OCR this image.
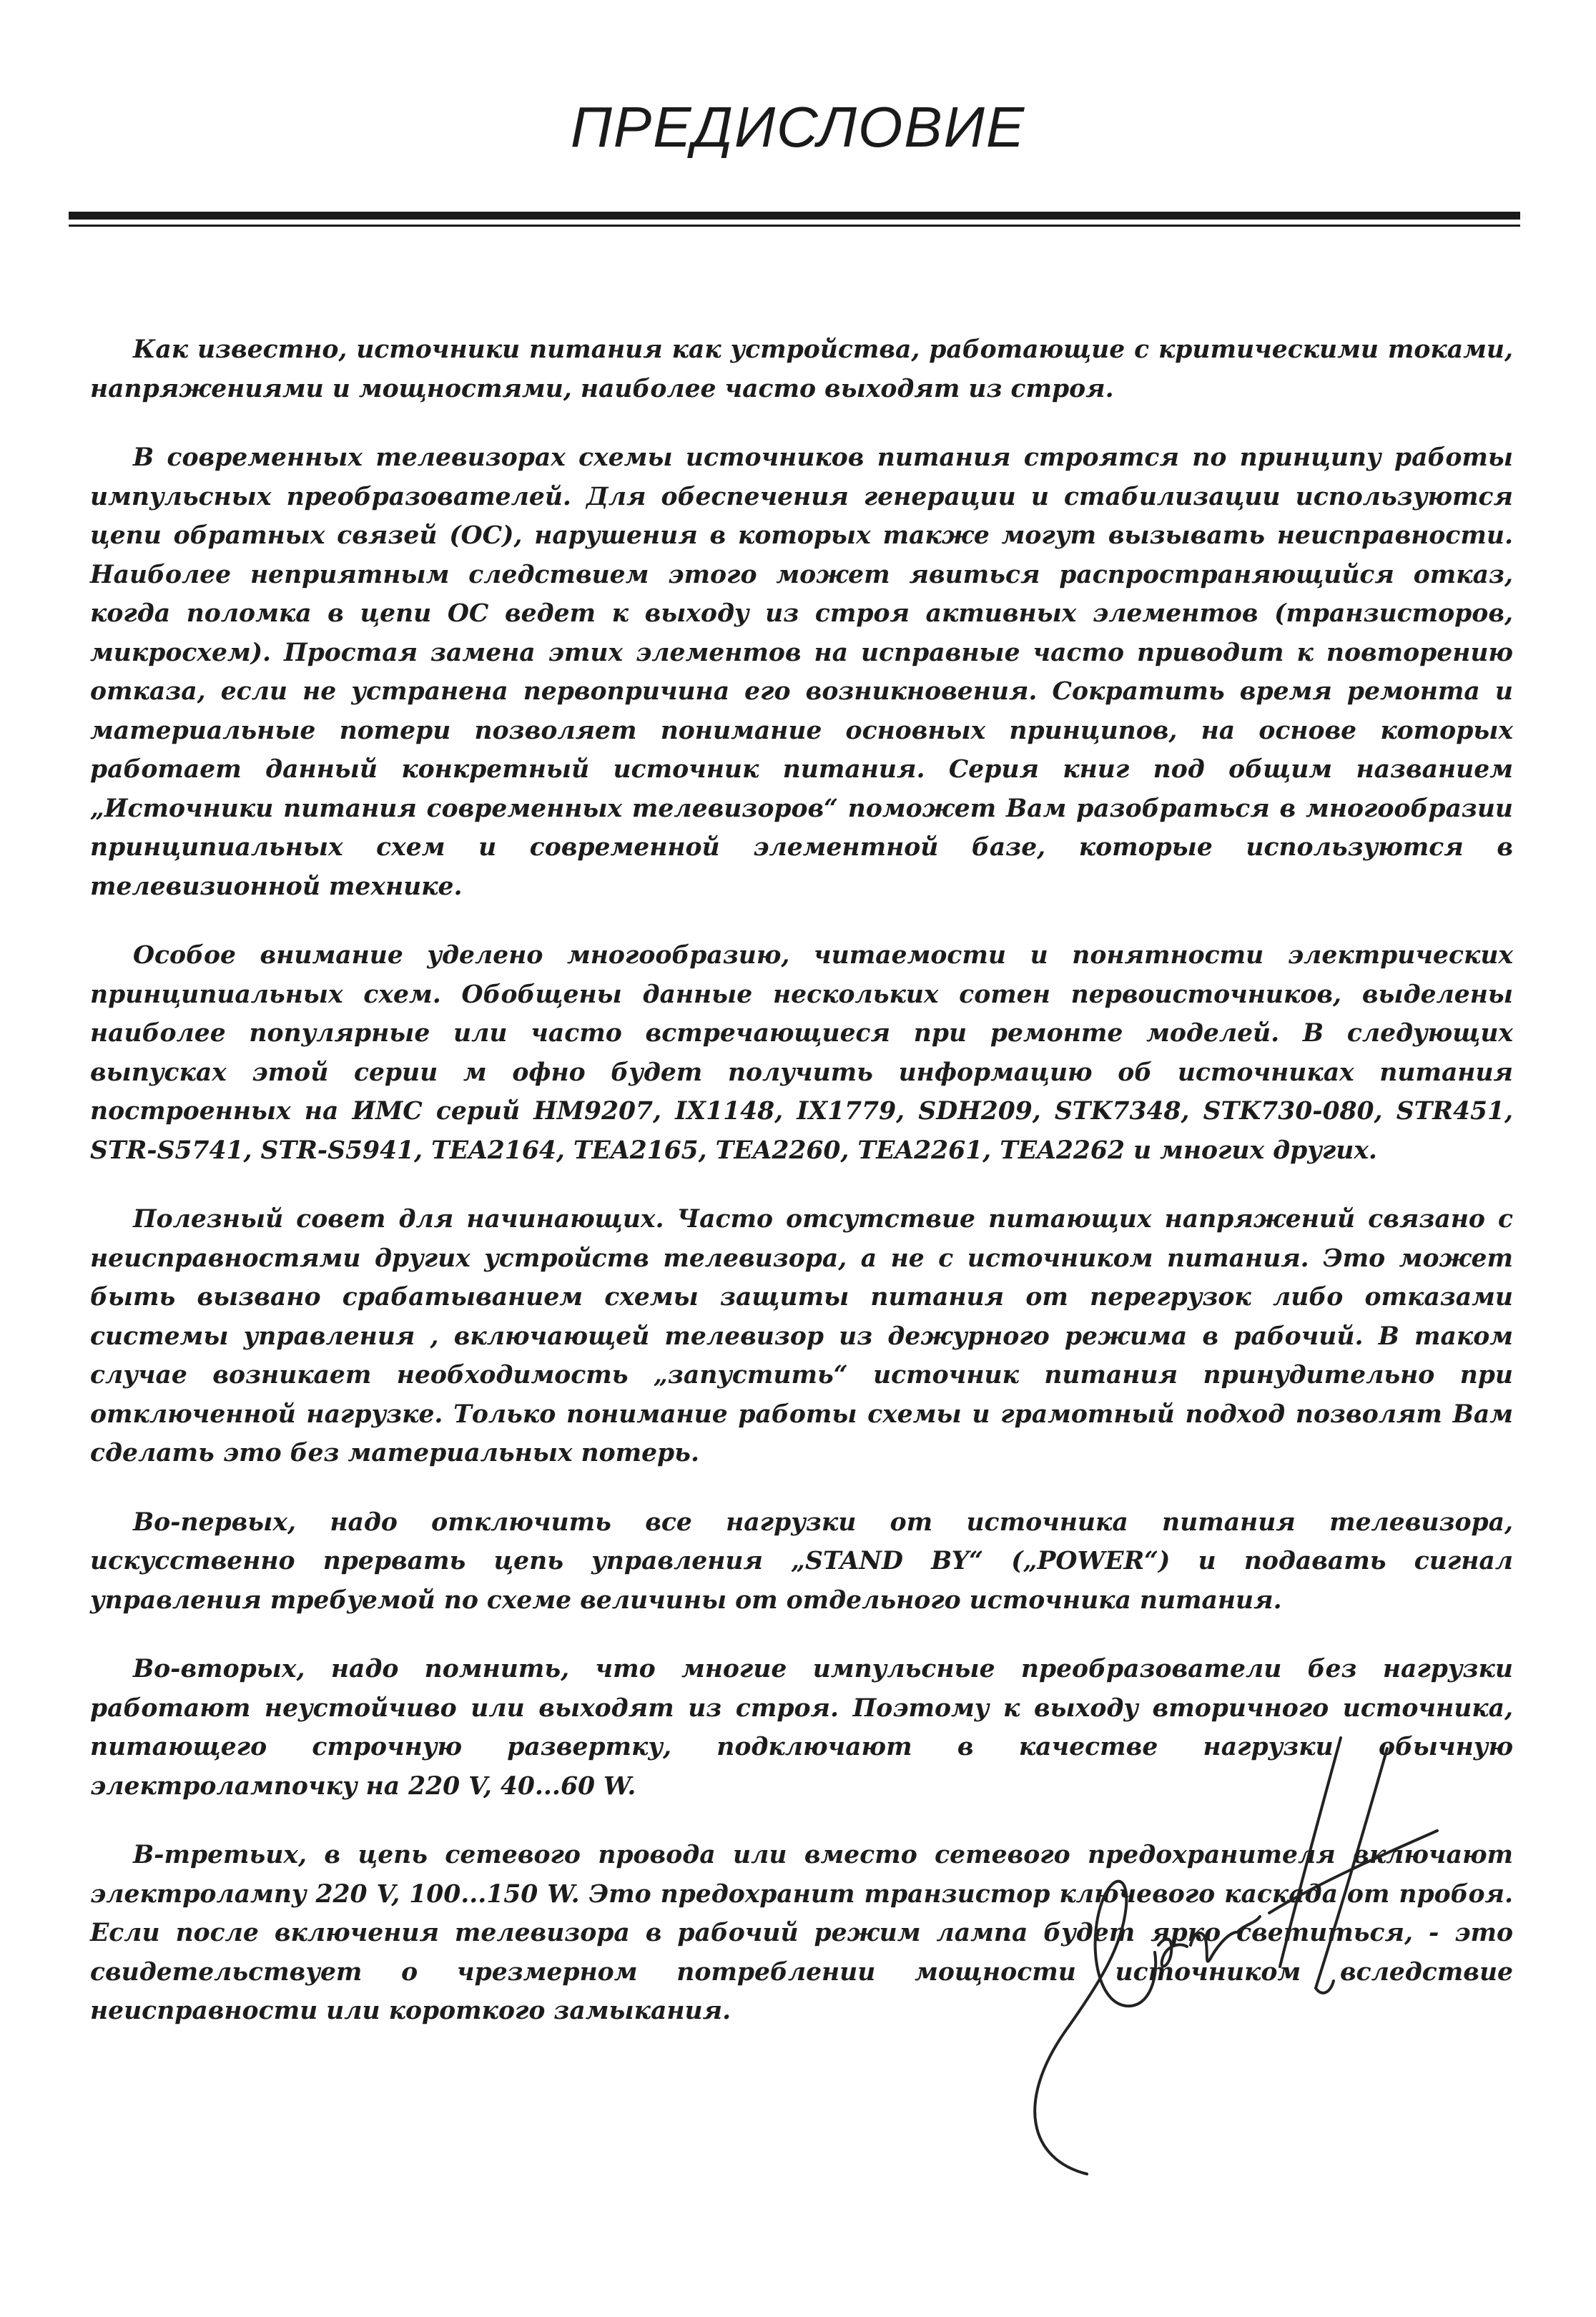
ПРЕДИСЛОВИЕ

Как известно, источники питания как устройства, работающие с критическими токами, напряжениями и мощностями, наиболее часто выходят из строя.

В современных телевизорах схемы источников питания строятся по принципу работы импульсных преобразователей. Для обеспечения генерации и стабилизации используются цепи обратных связей (ОС), нарушения в которых также могут вызывать неисправности. Наиболее неприятным следствием этого может явиться распространяющийся отказ, когда поломка в цепи ОС ведет к выходу из строя активных элементов (транзисторов, микросхем). Простая замена этих элементов на исправные часто приводит к повторению отказа, если не устранена первопричина его возникновения. Сократить время ремонта и материальные потери позволяет понимание основных принципов, на основе которых работает данный конкретный источник питания. Серия книг под общим названием „Источники питания современных телевизоров“ поможет Вам разобраться в многообразии принципиальных схем и современной элементной базе, которые используются в телевизионной технике.

Особое внимание уделено многообразию, читаемости и понятности электрических принципиальных схем. Обобщены данные нескольких сотен первоисточников, выделены наиболее популярные или часто встречающиеся при ремонте моделей. В следующих выпусках этой серии м офно будет получить информацию об источниках питания построенных на ИМС серий HM9207, IX1148, IX1779, SDH209, STK7348, STK730-080, STR451, STR-S5741, STR-S5941, TEA2164, TEA2165, TEA2260, TEA2261, TEA2262 и многих других.

Полезный совет для начинающих. Часто отсутствие питающих напряжений связано с неисправностями других устройств телевизора, а не с источником питания. Это может быть вызвано срабатыванием схемы защиты питания от перегрузок либо отказами системы управления , включающей телевизор из дежурного режима в рабочий. В таком случае возникает необходимость „запустить“ источник питания принудительно при отключенной нагрузке. Только понимание работы схемы и грамотный подход позволят Вам сделать это без материальных потерь.

Во-первых, надо отключить все нагрузки от источника питания телевизора, искусственно прервать цепь управления „STAND BY“ („POWER“) и подавать сигнал управления требуемой по схеме величины от отдельного источника питания.

Во-вторых, надо помнить, что многие импульсные преобразователи без нагрузки работают неустойчиво или выходят из строя. Поэтому к выходу вторичного источника, питающего строчную развертку, подключают в качестве нагрузки обычную электролампочку на 220 V, 40...60 W.

В-третьих, в цепь сетевого провода или вместо сетевого предохранителя включают электролампу 220 V, 100...150 W. Это предохранит транзистор ключевого каскада от пробоя. Если после включения телевизора в рабочий режим лампа будет ярко светиться, - это свидетельствует о чрезмерном потреблении мощности источником вследствие неисправности или короткого замыкания.
